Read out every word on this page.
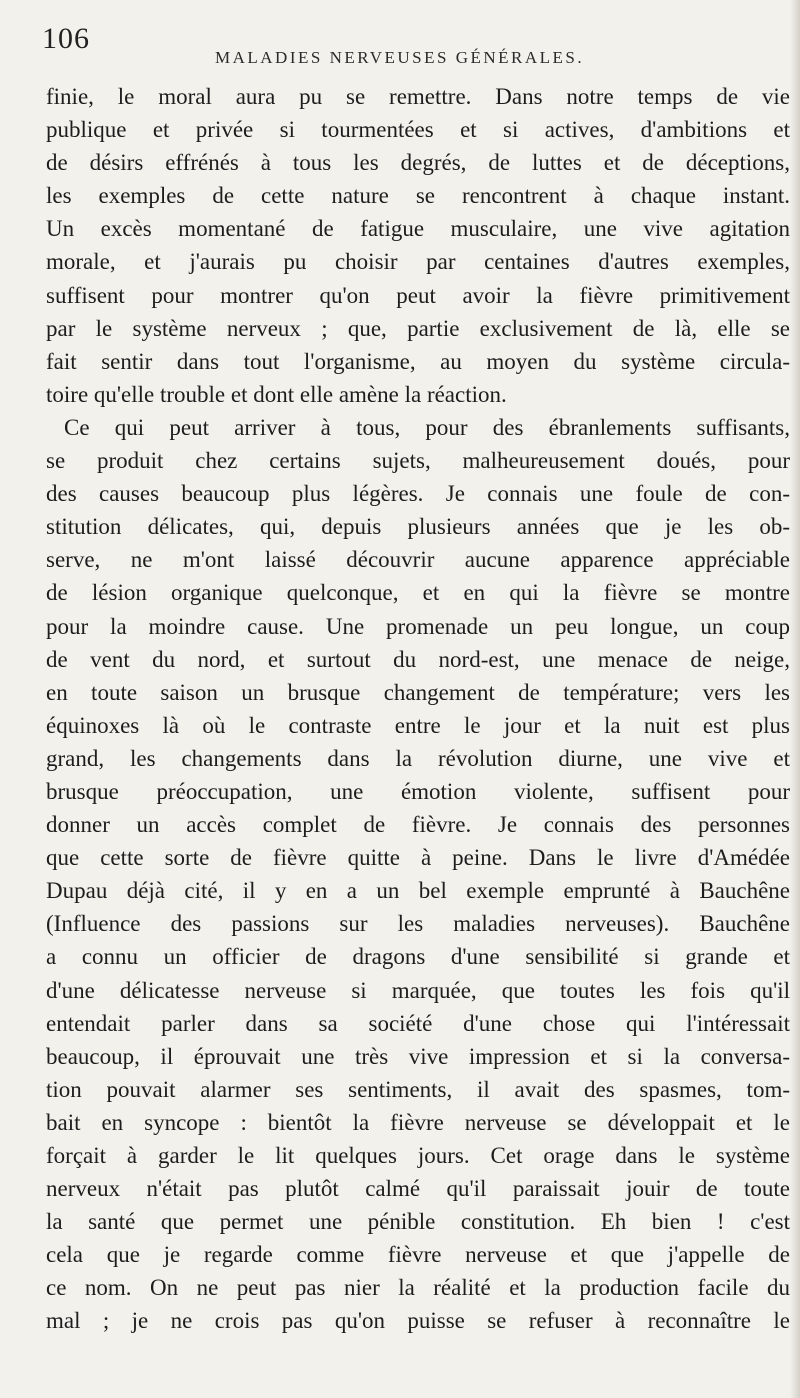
106
MALADIES NERVEUSES GÉNÉRALES.
finie, le moral aura pu se remettre. Dans notre temps de vie
publique et privée si tourmentées et si actives, d'ambitions et
de désirs effrénés à tous les degrés, de luttes et de déceptions,
les exemples de cette nature se rencontrent à chaque instant.
Un excès momentané de fatigue musculaire, une vive agitation
morale, et j'aurais pu choisir par centaines d'autres exemples,
suffisent pour montrer qu'on peut avoir la fièvre primitivement
par le système nerveux ; que, partie exclusivement de là, elle se
fait sentir dans tout l'organisme, au moyen du système circula-
toire qu'elle trouble et dont elle amène la réaction.
Ce qui peut arriver à tous, pour des ébranlements suffisants,
se produit chez certains sujets, malheureusement doués, pour
des causes beaucoup plus légères. Je connais une foule de con-
stitution délicates, qui, depuis plusieurs années que je les ob-
serve, ne m'ont laissé découvrir aucune apparence appréciable
de lésion organique quelconque, et en qui la fièvre se montre
pour la moindre cause. Une promenade un peu longue, un coup
de vent du nord, et surtout du nord-est, une menace de neige,
en toute saison un brusque changement de température; vers les
équinoxes là où le contraste entre le jour et la nuit est plus
grand, les changements dans la révolution diurne, une vive et
brusque préoccupation, une émotion violente, suffisent pour
donner un accès complet de fièvre. Je connais des personnes
que cette sorte de fièvre quitte à peine. Dans le livre d'Amédée
Dupau déjà cité, il y en a un bel exemple emprunté à Bauchêne
(Influence des passions sur les maladies nerveuses). Bauchêne
a connu un officier de dragons d'une sensibilité si grande et
d'une délicatesse nerveuse si marquée, que toutes les fois qu'il
entendait parler dans sa société d'une chose qui l'intéressait
beaucoup, il éprouvait une très vive impression et si la conversa-
tion pouvait alarmer ses sentiments, il avait des spasmes, tom-
bait en syncope : bientôt la fièvre nerveuse se développait et le
forçait à garder le lit quelques jours. Cet orage dans le système
nerveux n'était pas plutôt calmé qu'il paraissait jouir de toute
la santé que permet une pénible constitution. Eh bien ! c'est
cela que je regarde comme fièvre nerveuse et que j'appelle de
ce nom. On ne peut pas nier la réalité et la production facile du
mal ; je ne crois pas qu'on puisse se refuser à reconnaître le
